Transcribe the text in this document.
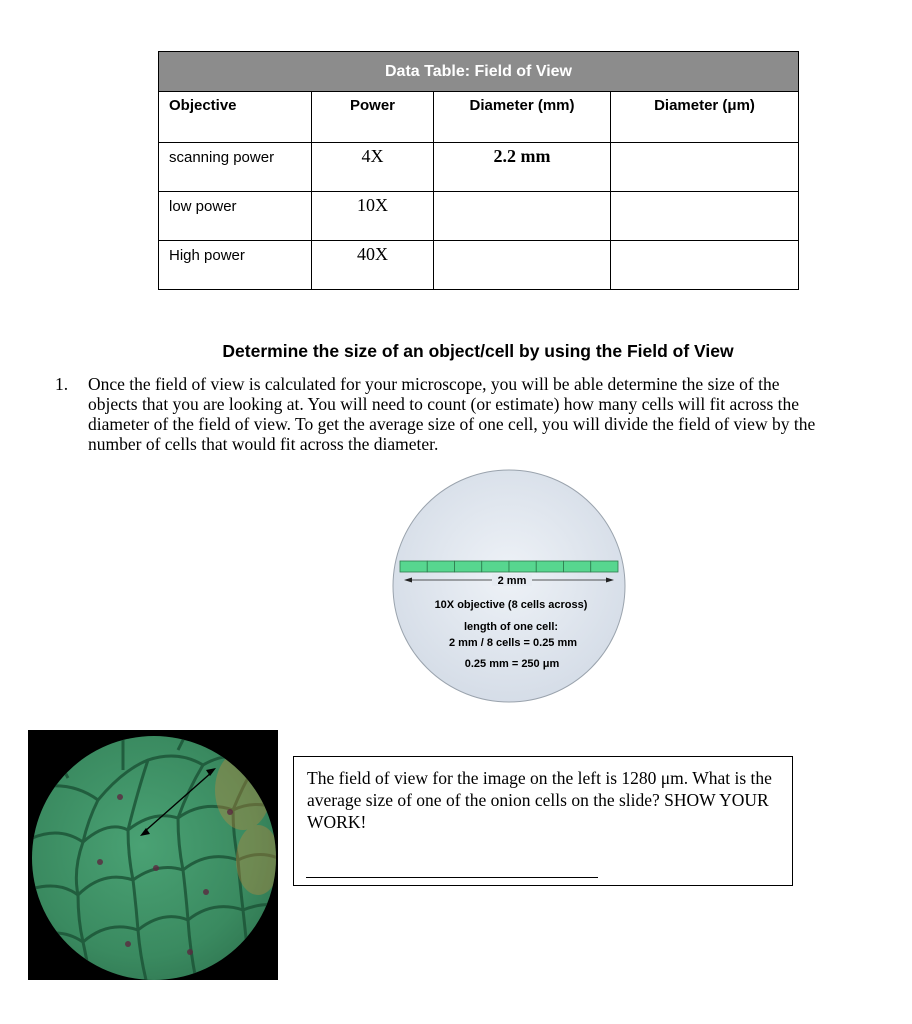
Data Table: Field of View			
Objective	Power	Diameter (mm)	Diameter (μm)
scanning power	4X	2.2 mm	
low power	10X		
High power	40X		
Determine the size of an object/cell by using the Field of View
1. Once the field of view is calculated for your microscope, you will be able determine the size of the
objects that you are looking at. You will need to count (or estimate) how many cells will fit across the
diameter of the field of view. To get the average size of one cell, you will divide the field of view by the
number of cells that would fit across the diameter.
2 mm
10X objective (8 cells across)
length of one cell:
2 mm / 8 cells = 0.25 mm
0.25 mm = 250 μm
The field of view for the image on the left is 1280 μm. What is the average size of one of the onion cells on the slide? SHOW YOUR WORK!
